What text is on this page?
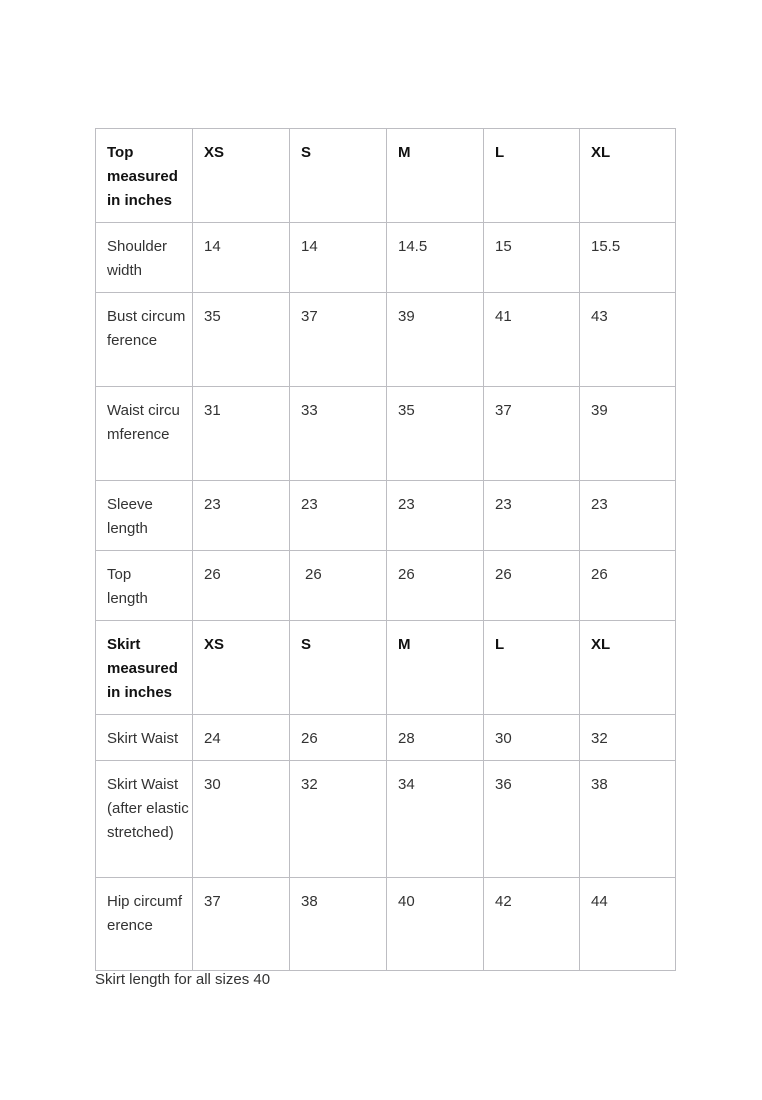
Top measured in inches	XS	S	M	L	XL
Shoulder width	14	14	14.5	15	15.5
Bust circumference	35	37	39	41	43
Waist circumference	31	33	35	37	39
Sleeve length	23	23	23	23	23
Top length	26	26	26	26	26
Skirt measured in inches	XS	S	M	L	XL
Skirt Waist	24	26	28	30	32
Skirt Waist (after elastic stretched)	30	32	34	36	38
Hip circumference	37	38	40	42	44
Skirt length for all sizes 40
